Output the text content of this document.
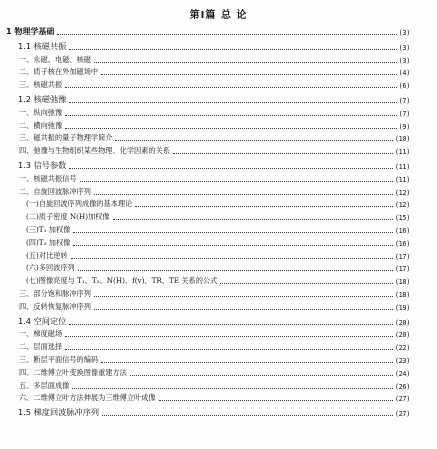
第Ⅰ篇 总 论
1 物理学基础	(3)
1.1 核磁共振	(3)
一、永磁、电磁、核磁	(3)
二、质子核在外加磁场中	(4)
三、核磁共振	(6)
1.2 核磁弛豫	(7)
一、纵向弛豫	(7)
二、横向弛豫	(9)
三、磁共振的量子物理学简介	(10)
四、弛豫与生物组织某些物理、化学因素的关系	(11)
1.3 信号参数	(11)
一、核磁共振信号	(11)
二、自旋回波脉冲序列	(12)
(一)自旋回波序列成像的基本理论	(12)
(二)质子密度 N(H)加权像	(15)
(三)T₁ 加权像	(16)
(四)T₂ 加权像	(16)
(五)对比逆转	(17)
(六)多回波序列	(17)
(七)图像亮度与 T₁、T₂、N(H)、f(v)、TR、TE 关系的公式	(18)
三、部分饱和脉冲序列	(18)
四、反转恢复脉冲序列	(19)
1.4 空间定位	(20)
一、梯度磁场	(20)
二、层面选择	(22)
三、断层平面信号的编码	(23)
四、二维傅立叶变换图像重建方法	(24)
五、多层面成像	(26)
六、二维傅立叶方法伸展为三维傅立叶成像	(27)
1.5 梯度回波脉冲序列	(27)
